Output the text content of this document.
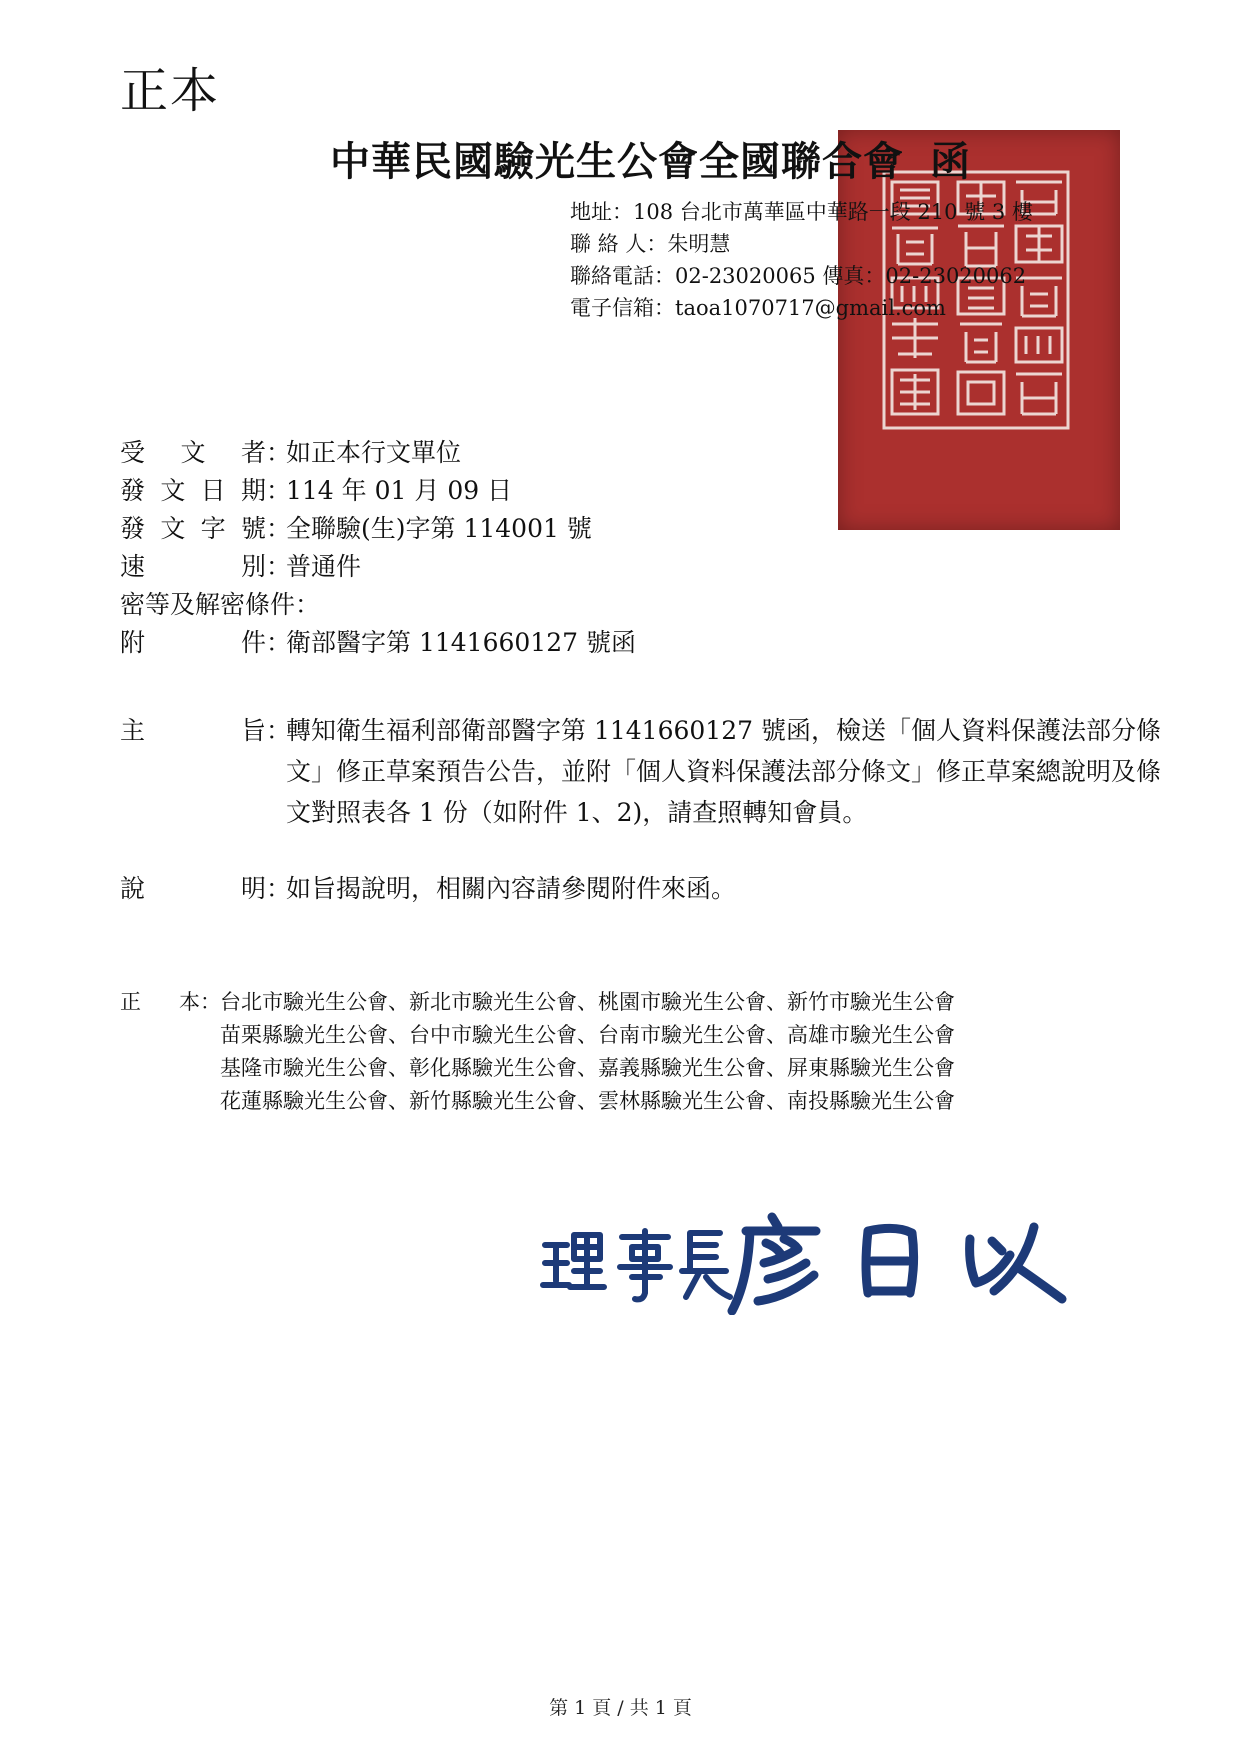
正本
中華民國驗光生公會全國聯合會 函
地址：108 台北市萬華區中華路一段 210 號 3 樓
聯 絡 人：朱明慧
聯絡電話：02-23020065 傳真：02-23020062
電子信箱：taoa1070717@gmail.com
受文者：如正本行文單位
發文日期：114 年 01 月 09 日
發文字號：全聯驗(生)字第 114001 號
速別：普通件
密等及解密條件：
附件：衛部醫字第 1141660127 號函
主旨：轉知衛生福利部衛部醫字第 1141660127 號函，檢送「個人資料保護法部分條文」修正草案預告公告，並附「個人資料保護法部分條文」修正草案總說明及條文對照表各 1 份（如附件 1、2)，請查照轉知會員。
說明：如旨揭說明，相關內容請參閱附件來函。
正本： 台北市驗光生公會、新北市驗光生公會、桃園市驗光生公會、新竹市驗光生公會
苗栗縣驗光生公會、台中市驗光生公會、台南市驗光生公會、高雄市驗光生公會
基隆市驗光生公會、彰化縣驗光生公會、嘉義縣驗光生公會、屏東縣驗光生公會
花蓮縣驗光生公會、新竹縣驗光生公會、雲林縣驗光生公會、南投縣驗光生公會
第 1 頁 / 共 1 頁
